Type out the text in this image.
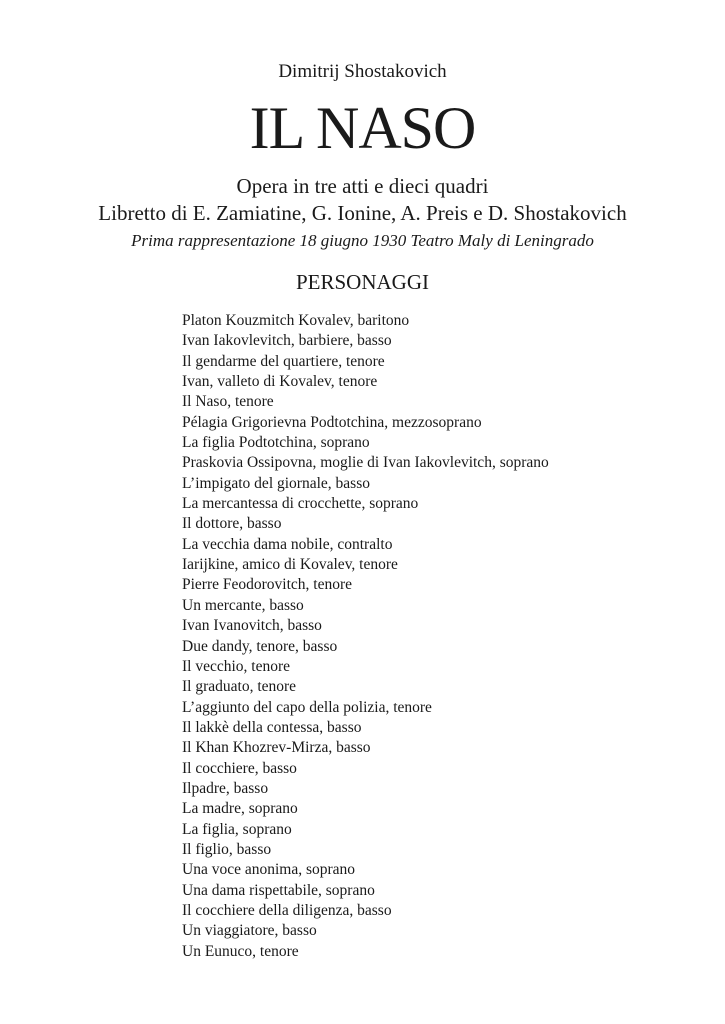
Dimitrij Shostakovich
IL NASO
Opera in tre atti e dieci quadri
Libretto di E. Zamiatine, G. Ionine, A. Preis e D. Shostakovich
Prima rappresentazione 18 giugno 1930 Teatro Maly di Leningrado
PERSONAGGI
Platon Kouzmitch Kovalev, baritono
Ivan Iakovlevitch, barbiere, basso
Il gendarme del quartiere, tenore
Ivan, valleto di Kovalev, tenore
Il Naso, tenore
Pélagia Grigorievna Podtotchina, mezzosoprano
La figlia Podtotchina, soprano
Praskovia Ossipovna, moglie di Ivan Iakovlevitch, soprano
L’impigato del giornale, basso
La mercantessa di crocchette, soprano
Il dottore, basso
La vecchia dama nobile, contralto
Iarijkine, amico di Kovalev, tenore
Pierre Feodorovitch, tenore
Un mercante, basso
Ivan Ivanovitch, basso
Due dandy, tenore, basso
Il vecchio, tenore
Il graduato, tenore
L’aggiunto del capo della polizia, tenore
Il lakkè della contessa, basso
Il Khan Khozrev-Mirza, basso
Il cocchiere, basso
Ilpadre, basso
La madre, soprano
La figlia, soprano
Il figlio, basso
Una voce anonima, soprano
Una dama rispettabile, soprano
Il cocchiere della diligenza, basso
Un viaggiatore, basso
Un Eunuco, tenore
